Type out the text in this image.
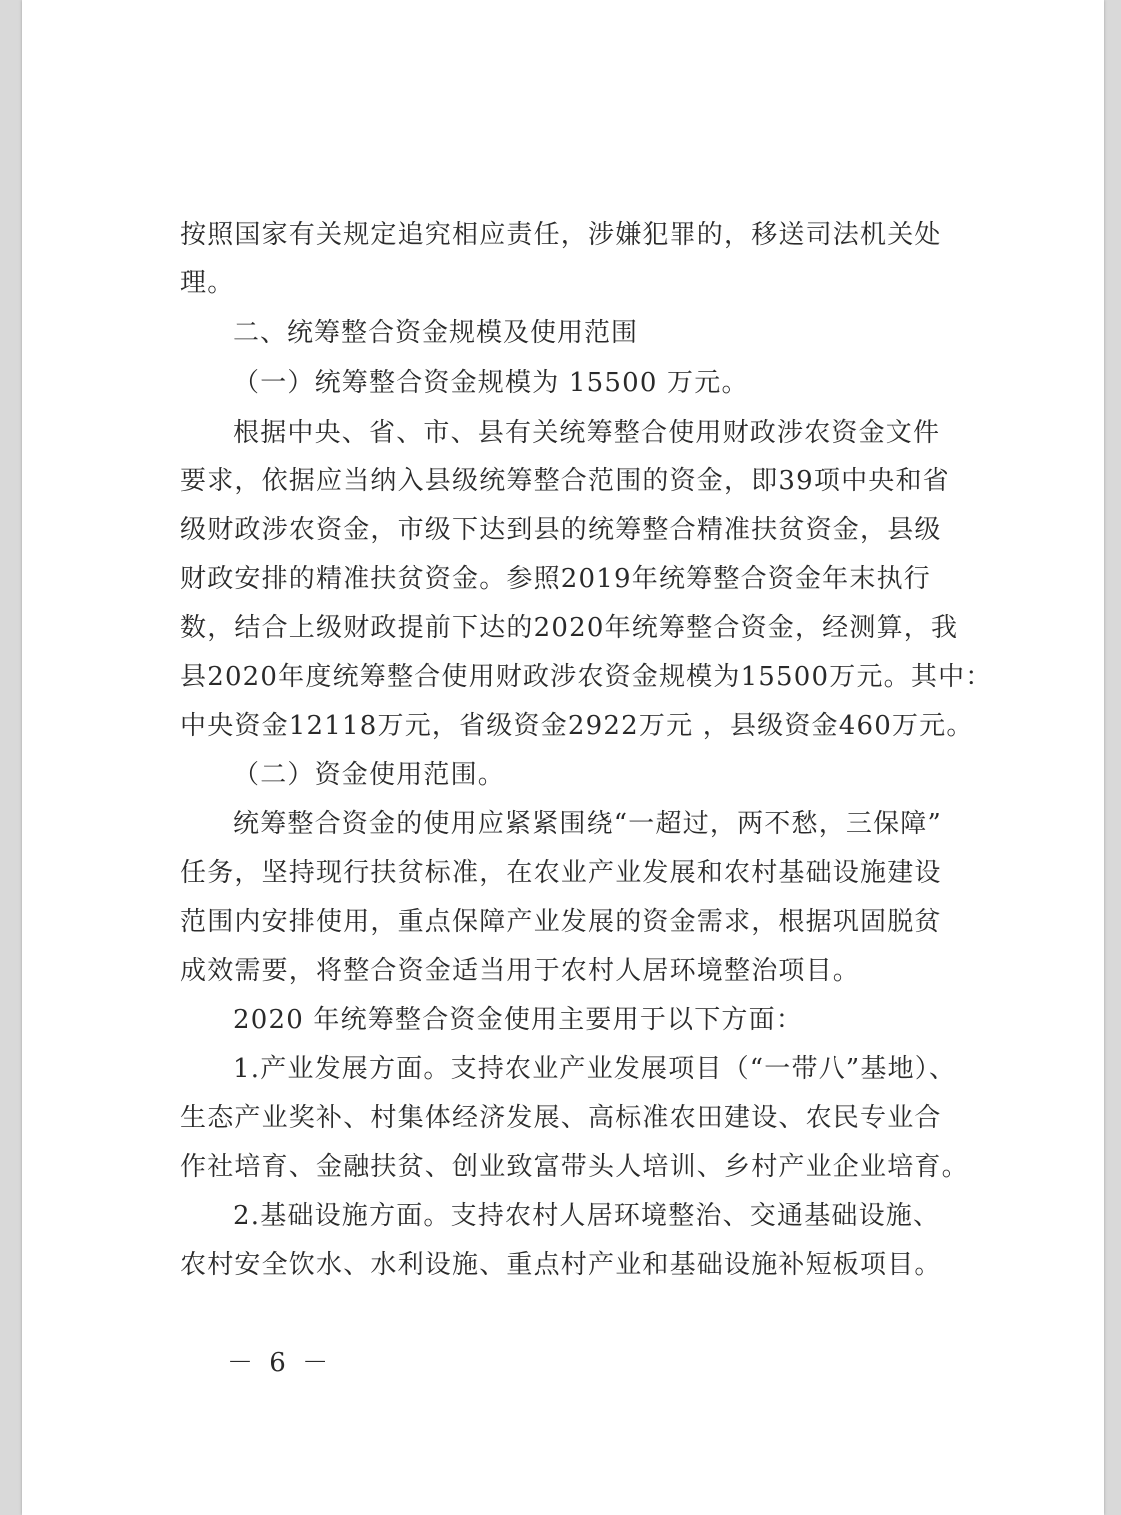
按照国家有关规定追究相应责任，涉嫌犯罪的，移送司法机关处
理。
二、统筹整合资金规模及使用范围
（一）统筹整合资金规模为 15500 万元。
根据中央、省、市、县有关统筹整合使用财政涉农资金文件
要求，依据应当纳入县级统筹整合范围的资金，即39项中央和省
级财政涉农资金，市级下达到县的统筹整合精准扶贫资金，县级
财政安排的精准扶贫资金。参照2019年统筹整合资金年末执行
数，结合上级财政提前下达的2020年统筹整合资金，经测算，我
县2020年度统筹整合使用财政涉农资金规模为15500万元。其中：
中央资金12118万元，省级资金2922万元 ，县级资金460万元。
（二）资金使用范围。
统筹整合资金的使用应紧紧围绕“一超过，两不愁，三保障”
任务，坚持现行扶贫标准，在农业产业发展和农村基础设施建设
范围内安排使用，重点保障产业发展的资金需求，根据巩固脱贫
成效需要，将整合资金适当用于农村人居环境整治项目。
2020 年统筹整合资金使用主要用于以下方面：
1.产业发展方面。支持农业产业发展项目（“一带八”基地）、
生态产业奖补、村集体经济发展、高标准农田建设、农民专业合
作社培育、金融扶贫、创业致富带头人培训、乡村产业企业培育。
2.基础设施方面。支持农村人居环境整治、交通基础设施、
农村安全饮水、水利设施、重点村产业和基础设施补短板项目。
－ 6 －
